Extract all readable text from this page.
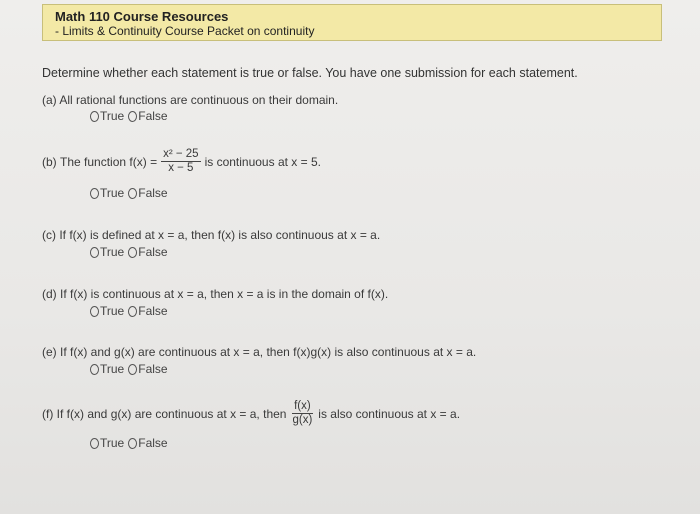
Math 110 Course Resources
- Limits & Continuity Course Packet on continuity
Determine whether each statement is true or false. You have one submission for each statement.
(a) All rational functions are continuous on their domain.
True False
(b)
The function
$f(x) = \frac{\text{x² − 25}}{x - 5}$ is continuous at x = 5.
True False
(c) If f(x) is defined at x = a, then f(x) is also continuous at x = a.
True False
(d) If f(x) is continuous at x = a, then x = a is in the domain of f(x).
True False
(e) If f(x) and g(x) are continuous at x = a, then f(x)g(x) is also continuous at x = a.
True False
(f)
If f(x) and g(x) are continuous at x = a, then $\frac{f(x)}{g(x)}$ is also continuous at x = a.
True False
